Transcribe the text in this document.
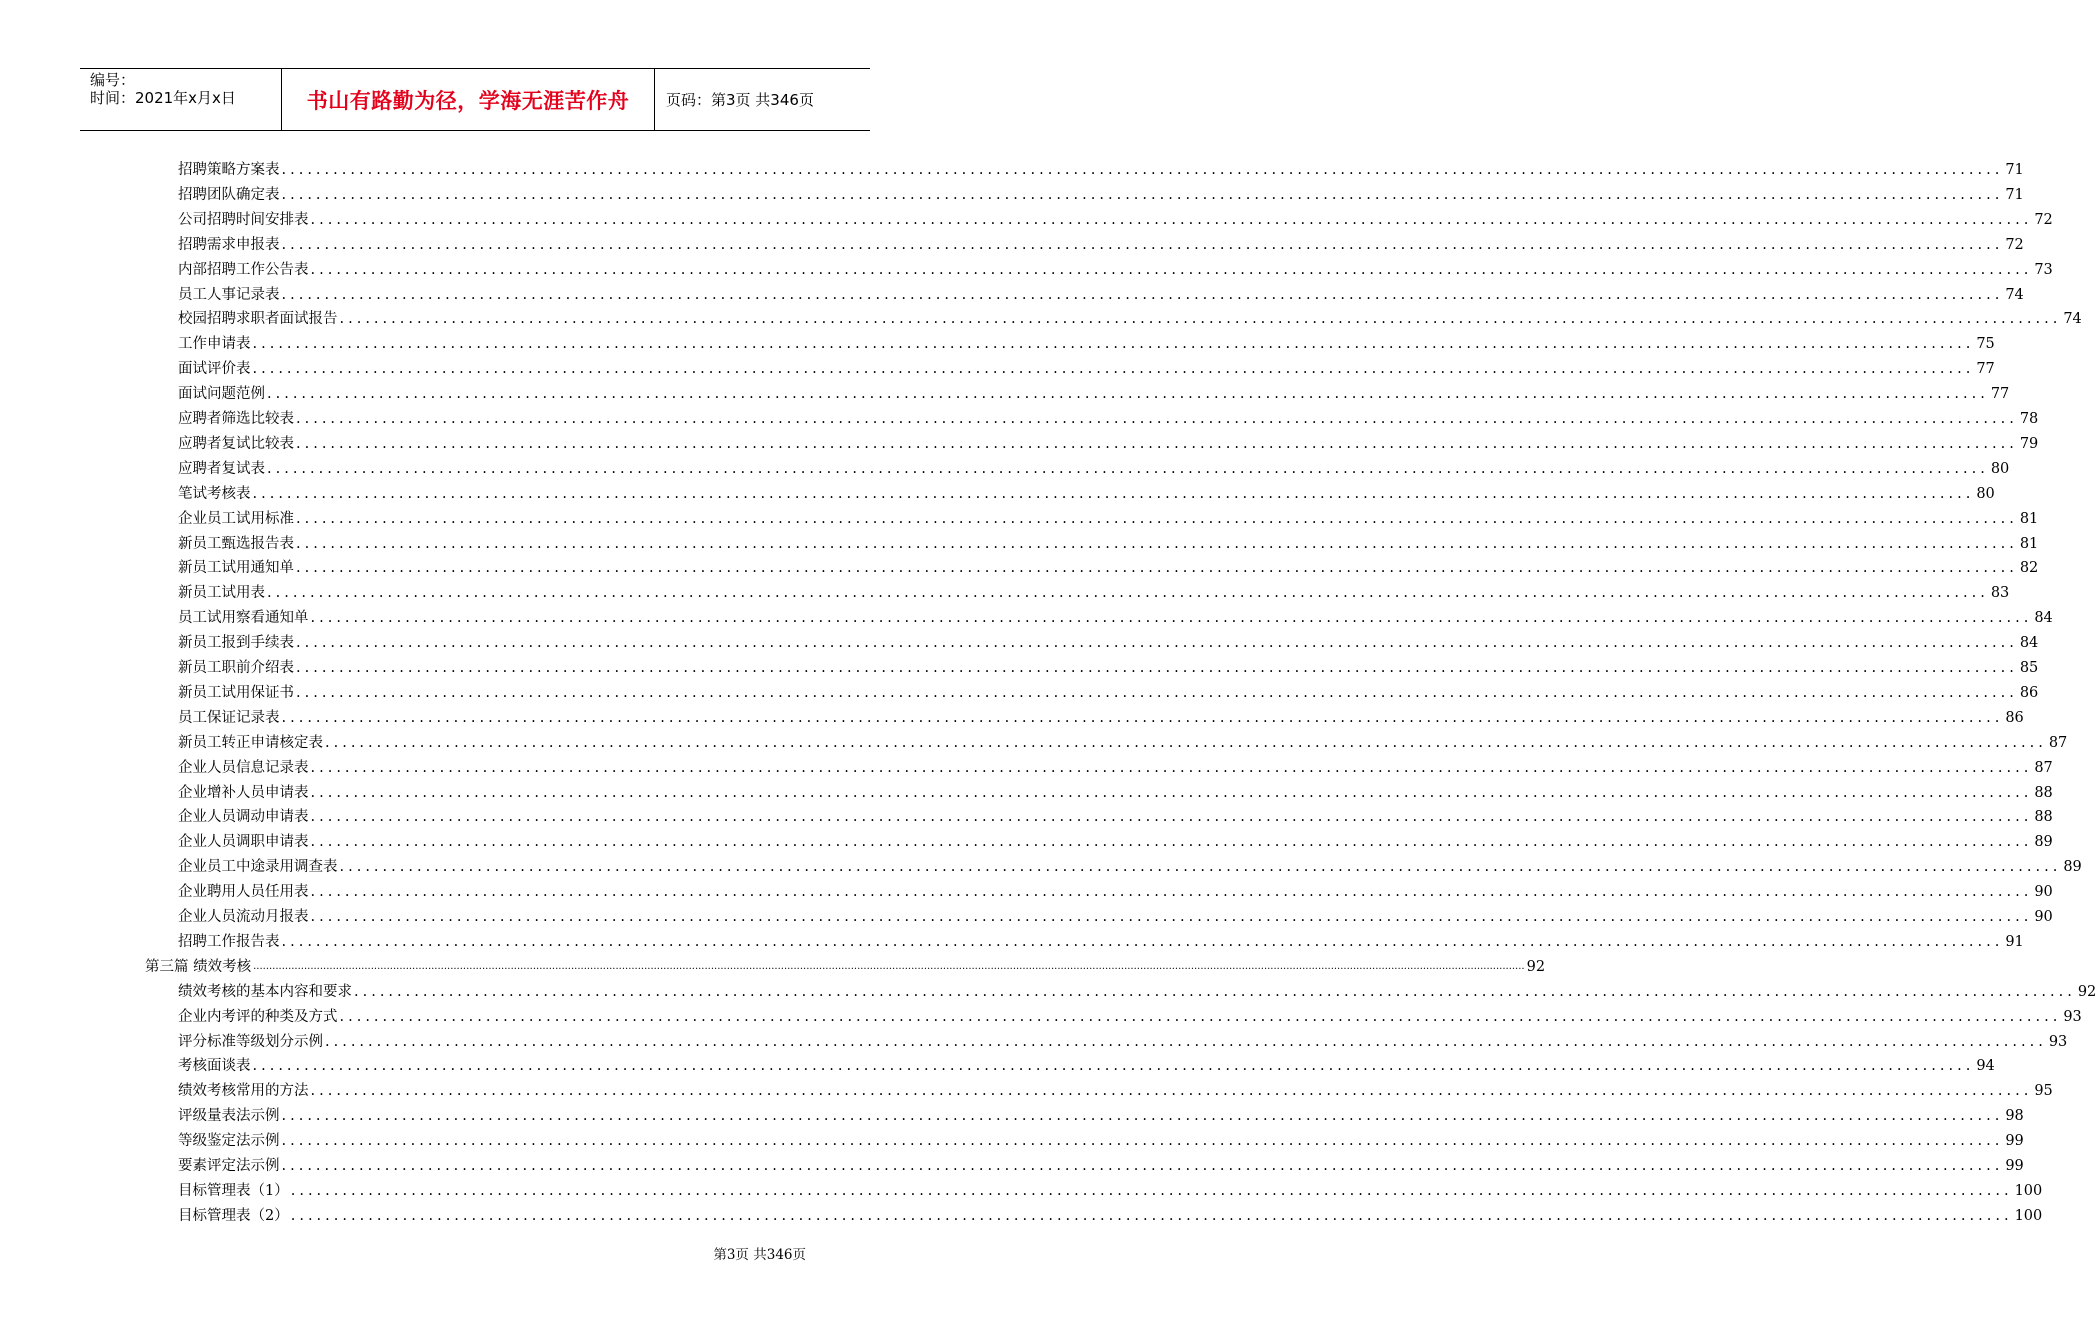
编号：
时间：2021年x月x日	书山有路勤为径，学海无涯苦作舟	页码：第3页 共346页
招聘策略方案表 ........................................................................................................................................................................................................ 71
招聘团队确定表 ........................................................................................................................................................................................................ 71
公司招聘时间安排表 ........................................................................................................................................................................................................ 72
招聘需求申报表 ........................................................................................................................................................................................................ 72
内部招聘工作公告表 ........................................................................................................................................................................................................ 73
员工人事记录表 ........................................................................................................................................................................................................ 74
校园招聘求职者面试报告 ........................................................................................................................................................................................................ 74
工作申请表 ........................................................................................................................................................................................................ 75
面试评价表 ........................................................................................................................................................................................................ 77
面试问题范例 ........................................................................................................................................................................................................ 77
应聘者筛选比较表 ........................................................................................................................................................................................................ 78
应聘者复试比较表 ........................................................................................................................................................................................................ 79
应聘者复试表 ........................................................................................................................................................................................................ 80
笔试考核表 ........................................................................................................................................................................................................ 80
企业员工试用标准 ........................................................................................................................................................................................................ 81
新员工甄选报告表 ........................................................................................................................................................................................................ 81
新员工试用通知单 ........................................................................................................................................................................................................ 82
新员工试用表 ........................................................................................................................................................................................................ 83
员工试用察看通知单 ........................................................................................................................................................................................................ 84
新员工报到手续表 ........................................................................................................................................................................................................ 84
新员工职前介绍表 ........................................................................................................................................................................................................ 85
新员工试用保证书 ........................................................................................................................................................................................................ 86
员工保证记录表 ........................................................................................................................................................................................................ 86
新员工转正申请核定表 ........................................................................................................................................................................................................ 87
企业人员信息记录表 ........................................................................................................................................................................................................ 87
企业增补人员申请表 ........................................................................................................................................................................................................ 88
企业人员调动申请表 ........................................................................................................................................................................................................ 88
企业人员调职申请表 ........................................................................................................................................................................................................ 89
企业员工中途录用调查表 ........................................................................................................................................................................................................ 89
企业聘用人员任用表 ........................................................................................................................................................................................................ 90
企业人员流动月报表 ........................................................................................................................................................................................................ 90
招聘工作报告表 ........................................................................................................................................................................................................ 91
第三篇 绩效考核 ................................................................................................................................................................................................................................................................................................................................................................................................................ 92
绩效考核的基本内容和要求 ........................................................................................................................................................................................................ 92
企业内考评的种类及方式 ........................................................................................................................................................................................................ 93
评分标准等级划分示例 ........................................................................................................................................................................................................ 93
考核面谈表 ........................................................................................................................................................................................................ 94
绩效考核常用的方法 ........................................................................................................................................................................................................ 95
评级量表法示例 ........................................................................................................................................................................................................ 98
等级鉴定法示例 ........................................................................................................................................................................................................ 99
要素评定法示例 ........................................................................................................................................................................................................ 99
目标管理表（1） ........................................................................................................................................................................................................ 100
目标管理表（2） ........................................................................................................................................................................................................ 100
第3页 共346页
